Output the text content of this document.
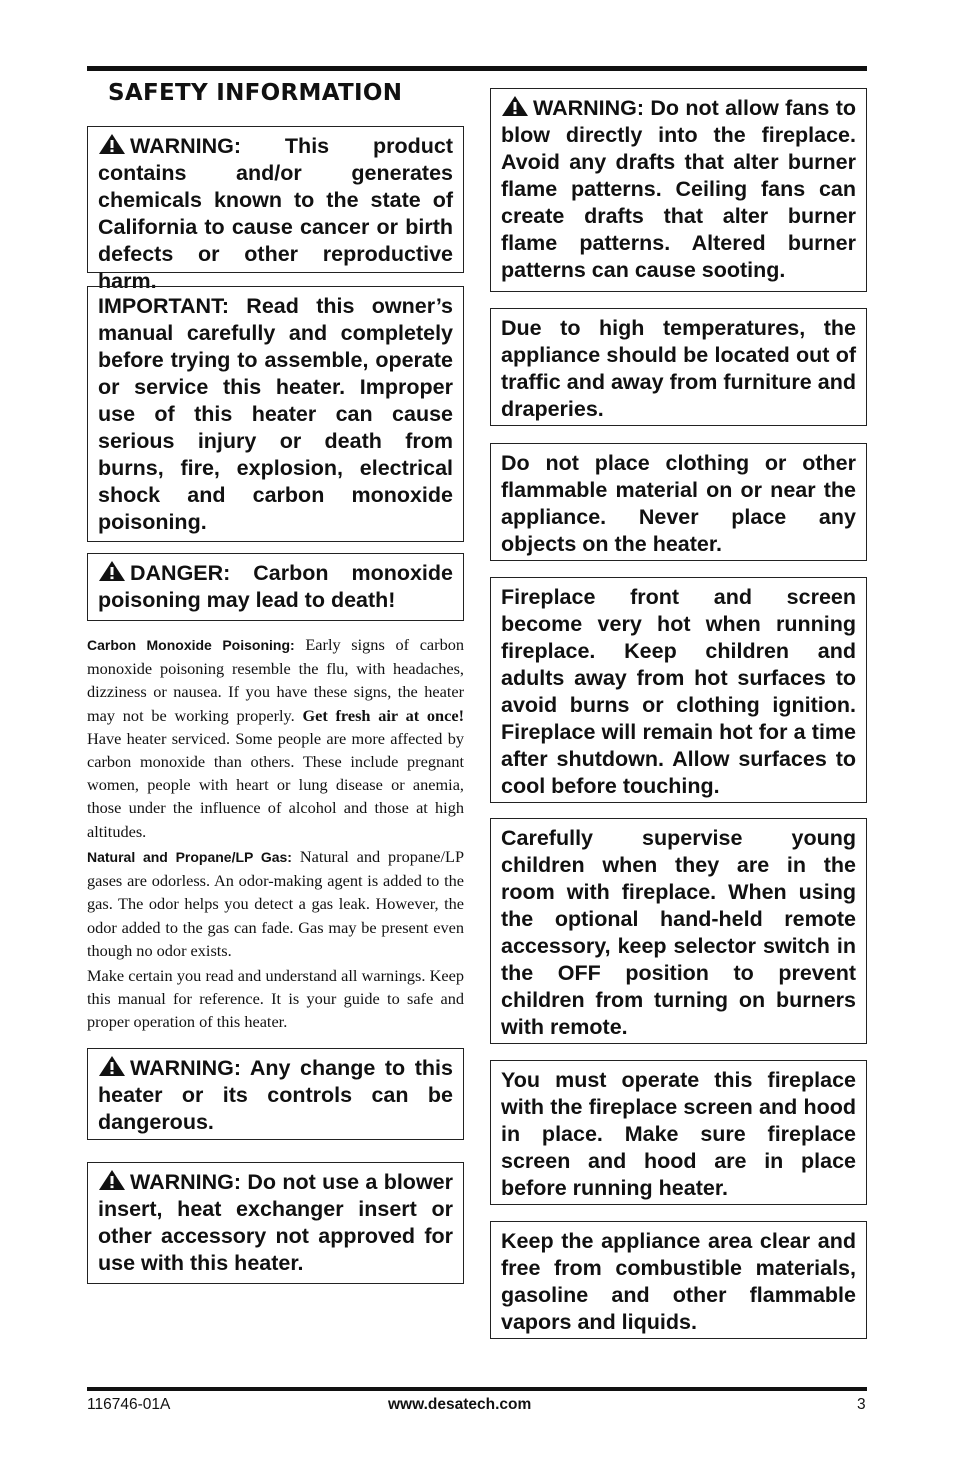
SAFETY INFORMATION
WARNING: This product contains and/or generates chemicals known to the state of California to cause cancer or birth defects or other reproductive harm.
IMPORTANT: Read this owner’s manual carefully and completely before trying to assemble, operate or service this heater. Improper use of this heater can cause serious injury or death from burns, fire, explosion, electrical shock and carbon monoxide poisoning.
DANGER: Carbon monoxide poisoning may lead to death!

Carbon Monoxide Poisoning: Early signs of carbon monoxide poisoning resemble the flu, with headaches, dizziness or nausea. If you have these signs, the heater may not be working properly. Get fresh air at once! Have heater serviced. Some people are more affected by carbon monoxide than others. These include pregnant women, people with heart or lung disease or anemia, those under the influence of alcohol and those at high altitudes.

Natural and Propane/LP Gas: Natural and propane/LP gases are odorless. An odor-making agent is added to the gas. The odor helps you detect a gas leak. However, the odor added to the gas can fade. Gas may be present even though no odor exists.

Make certain you read and understand all warnings. Keep this manual for reference. It is your guide to safe and proper operation of this heater.

WARNING: Any change to this heater or its controls can be dangerous.
WARNING: Do not use a blower insert, heat exchanger insert or other accessory not approved for use with this heater.
WARNING: Do not allow fans to blow directly into the fireplace. Avoid any drafts that alter burner flame patterns. Ceiling fans can create drafts that alter burner flame patterns. Altered burner patterns can cause sooting.
Due to high temperatures, the appliance should be located out of traffic and away from furniture and draperies.
Do not place clothing or other flammable material on or near the appliance. Never place any objects on the heater.
Fireplace front and screen become very hot when running fireplace. Keep children and adults away from hot surfaces to avoid burns or clothing ignition. Fireplace will remain hot for a time after shutdown. Allow surfaces to cool before touching.
Carefully supervise young children when they are in the room with fireplace. When using the optional hand-held remote accessory, keep selector switch in the OFF position to prevent children from turning on burners with remote.
You must operate this fireplace with the fireplace screen and hood in place. Make sure fireplace screen and hood are in place before running heater.
Keep the appliance area clear and free from combustible materials, gasoline and other flammable vapors and liquids.
116746-01A	www.desatech.com	3
